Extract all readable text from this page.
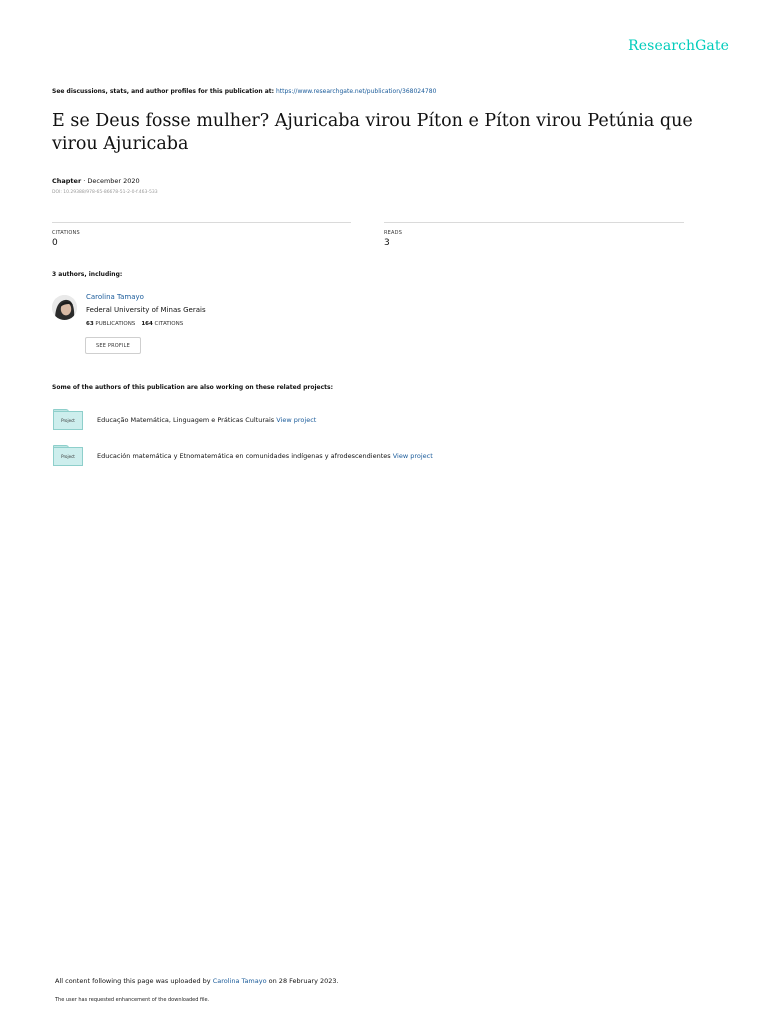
ResearchGate
See discussions, stats, and author profiles for this publication at: https://www.researchgate.net/publication/368024780
E se Deus fosse mulher? Ajuricaba virou Píton e Píton virou Petúnia que virou Ajuricaba
Chapter · December 2020
DOI: 10.29388/978-65-86678-51-2-0-f.463-533
CITATIONS
0
READS
3
3 authors, including:
Carolina Tamayo
Federal University of Minas Gerais
63 PUBLICATIONS 164 CITATIONS
SEE PROFILE
Some of the authors of this publication are also working on these related projects:
Project	Educação Matemática, Linguagem e Práticas Culturais View project
Project	Educación matemática y Etnomatemática en comunidades indígenas y afrodescendientes View project
All content following this page was uploaded by Carolina Tamayo on 28 February 2023.
The user has requested enhancement of the downloaded file.
